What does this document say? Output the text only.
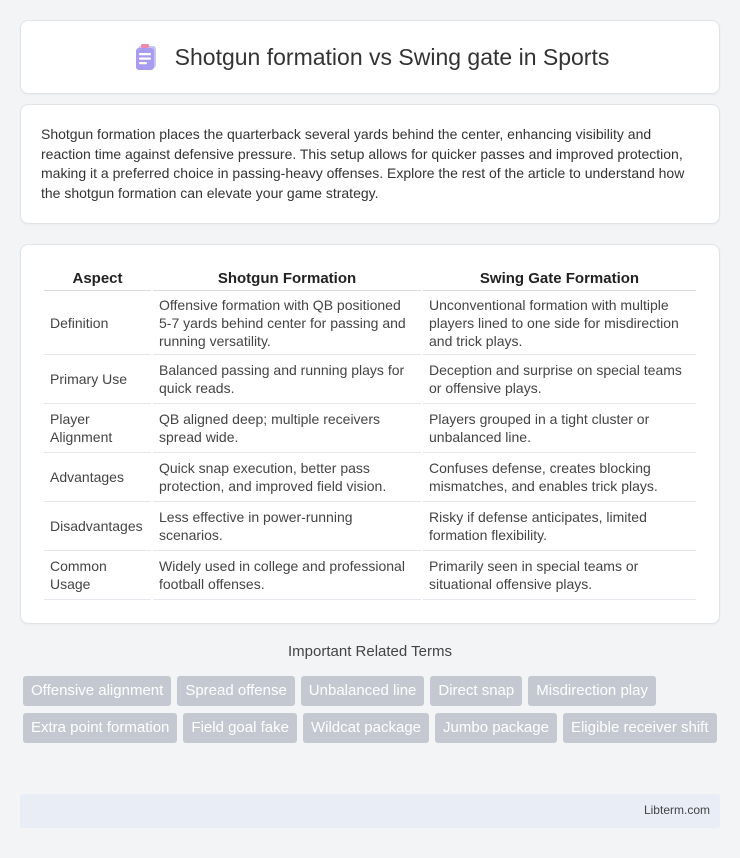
Shotgun formation vs Swing gate in Sports

Shotgun formation places the quarterback several yards behind the center, enhancing visibility and reaction time against defensive pressure. This setup allows for quicker passes and improved protection, making it a preferred choice in passing-heavy offenses. Explore the rest of the article to understand how the shotgun formation can elevate your game strategy.

Aspect	Shotgun Formation	Swing Gate Formation
Definition	Offensive formation with QB positioned 5-7 yards behind center for passing and running versatility.	Unconventional formation with multiple players lined to one side for misdirection and trick plays.
Primary Use	Balanced passing and running plays for quick reads.	Deception and surprise on special teams or offensive plays.
Player Alignment	QB aligned deep; multiple receivers spread wide.	Players grouped in a tight cluster or unbalanced line.
Advantages	Quick snap execution, better pass protection, and improved field vision.	Confuses defense, creates blocking mismatches, and enables trick plays.
Disadvantages	Less effective in power-running scenarios.	Risky if defense anticipates, limited formation flexibility.
Common Usage	Widely used in college and professional football offenses.	Primarily seen in special teams or situational offensive plays.
Important Related Terms
Offensive alignment	Spread offense	Unbalanced line	Direct snap	Misdirection play
Extra point formation	Field goal fake	Wildcat package	Jumbo package	Eligible receiver shift
Libterm.com
